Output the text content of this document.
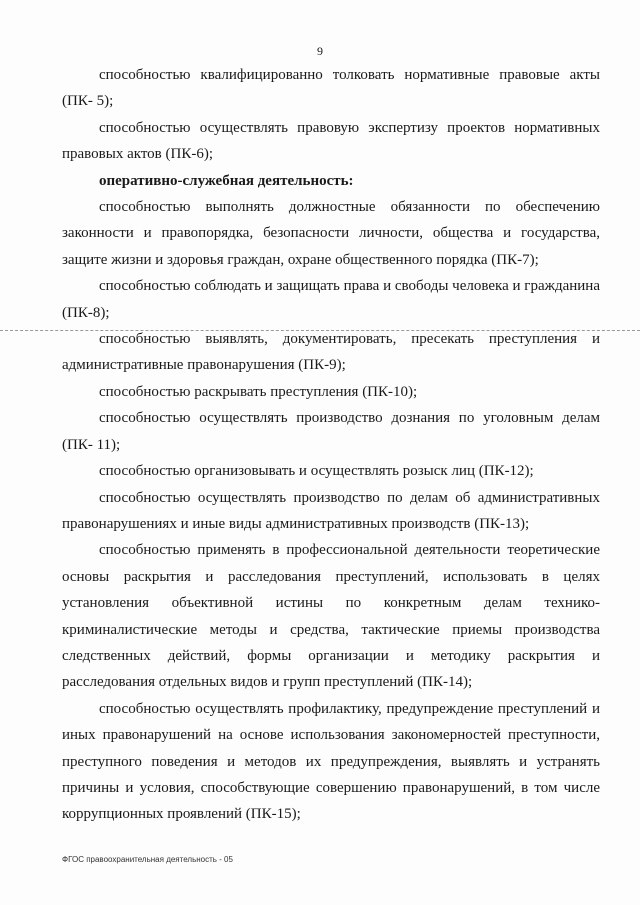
9

способностью квалифицированно толковать нормативные правовые акты (ПК- 5);

способностью осуществлять правовую экспертизу проектов нормативных правовых актов (ПК-6);

оперативно-служебная деятельность:

способностью выполнять должностные обязанности по обеспечению законности и правопорядка, безопасности личности, общества и государства, защите жизни и здоровья граждан, охране общественного порядка (ПК-7);

способностью соблюдать и защищать права и свободы человека и гражданина (ПК-8);

способностью выявлять, документировать, пресекать преступления и административные правонарушения (ПК-9);

способностью раскрывать преступления (ПК-10);

способностью осуществлять производство дознания по уголовным делам (ПК- 11);

способностью организовывать и осуществлять розыск лиц (ПК-12);

способностью осуществлять производство по делам об административных правонарушениях и иные виды административных производств (ПК-13);

способностью применять в профессиональной деятельности теоретические основы раскрытия и расследования преступлений, использовать в целях установления объективной истины по конкретным делам технико-криминалистические методы и средства, тактические приемы производства следственных действий, формы организации и методику раскрытия и расследования отдельных видов и групп преступлений (ПК-14);

способностью осуществлять профилактику, предупреждение преступлений и иных правонарушений на основе использования закономерностей преступности, преступного поведения и методов их предупреждения, выявлять и устранять причины и условия, способствующие совершению правонарушений, в том числе коррупционных проявлений (ПК-15);

ФГОС правоохранительная деятельность - 05
